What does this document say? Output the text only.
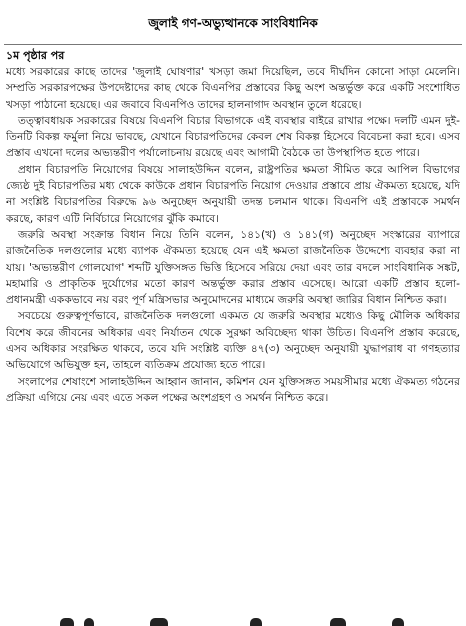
জুলাই গণ-অভ্যুত্থানকে সাংবিধানিক
১ম পৃষ্ঠার পর

মধ্যে সরকারের কাছে তাদের 'জুলাই ঘোষণার' খসড়া জমা দিয়েছিল, তবে দীর্ঘদিন কোনো সাড়া মেলেনি। সম্প্রতি সরকারপক্ষের উপদেষ্টাদের কাছ থেকে বিএনপির প্রস্তাবের কিছু অংশ অন্তর্ভুক্ত করে একটি সংশোধিত খসড়া পাঠানো হয়েছে। এর জবাবে বিএনপিও তাদের হালনাগাদ অবস্থান তুলে ধরেছে।

তত্ত্বাবধায়ক সরকারের বিষয়ে বিএনপি বিচার বিভাগকে এই ব্যবস্থার বাইরে রাখার পক্ষে। দলটি এমন দুই-তিনটি বিকল্প ফর্মুলা নিয়ে ভাবছে, যেখানে বিচারপতিদের কেবল শেষ বিকল্প হিসেবে বিবেচনা করা হবে। এসব প্রস্তাব এখনো দলের অভ্যন্তরীণ পর্যালোচনায় রয়েছে এবং আগামী বৈঠকে তা উপস্থাপিত হতে পারে।

প্রধান বিচারপতি নিয়োগের বিষয়ে সালাহউদ্দিন বলেন, রাষ্ট্রপতির ক্ষমতা সীমিত করে আপিল বিভাগের জ্যেষ্ঠ দুই বিচারপতির মধ্য থেকে কাউকে প্রধান বিচারপতি নিয়োগ দেওয়ার প্রস্তাবে প্রায় ঐকমত্য হয়েছে, যদি না সংশ্লিষ্ট বিচারপতির বিরুদ্ধে ৯৬ অনুচ্ছেদ অনুযায়ী তদন্ত চলমান থাকে। বিএনপি এই প্রস্তাবকে সমর্থন করছে, কারণ এটি নির্বিচারে নিয়োগের ঝুঁকি কমাবে।

জরুরি অবস্থা সংক্রান্ত বিধান নিয়ে তিনি বলেন, ১৪১(খ) ও ১৪১(গ) অনুচ্ছেদ সংস্কারের ব্যাপারে রাজনৈতিক দলগুলোর মধ্যে ব্যাপক ঐকমত্য হয়েছে যেন এই ক্ষমতা রাজনৈতিক উদ্দেশ্যে ব্যবহার করা না যায়। 'অভ্যন্তরীণ গোলযোগ' শব্দটি যুক্তিসঙ্গত ভিত্তি হিসেবে সরিয়ে দেয়া এবং তার বদলে সাংবিধানিক সঙ্কট, মহামারি ও প্রাকৃতিক দুর্যোগের মতো কারণ অন্তর্ভুক্ত করার প্রস্তাব এসেছে। আরো একটি প্রস্তাব হলো- প্রধানমন্ত্রী এককভাবে নয় বরং পূর্ণ মন্ত্রিসভার অনুমোদনের মাধ্যমে জরুরি অবস্থা জারির বিধান নিশ্চিত করা।

সবচেয়ে গুরুত্বপূর্ণভাবে, রাজনৈতিক দলগুলো একমত যে জরুরি অবস্থার মধ্যেও কিছু মৌলিক অধিকার বিশেষ করে জীবনের অধিকার এবং নির্যাতন থেকে সুরক্ষা অবিচ্ছেদ্য থাকা উচিত। বিএনপি প্রস্তাব করেছে, এসব অধিকার সংরক্ষিত থাকবে, তবে যদি সংশ্লিষ্ট ব্যক্তি ৪৭(৩) অনুচ্ছেদ অনুযায়ী যুদ্ধাপরাধ বা গণহত্যার অভিযোগে অভিযুক্ত হন, তাহলে ব্যতিক্রম প্রযোজ্য হতে পারে।

সংলাপের শেষাংশে সালাহউদ্দিন আহ্বান জানান, কমিশন যেন যুক্তিসঙ্গত সময়সীমার মধ্যে ঐকমত্য গঠনের প্রক্রিয়া এগিয়ে নেয় এবং এতে সকল পক্ষের অংশগ্রহণ ও সমর্থন নিশ্চিত করে।
